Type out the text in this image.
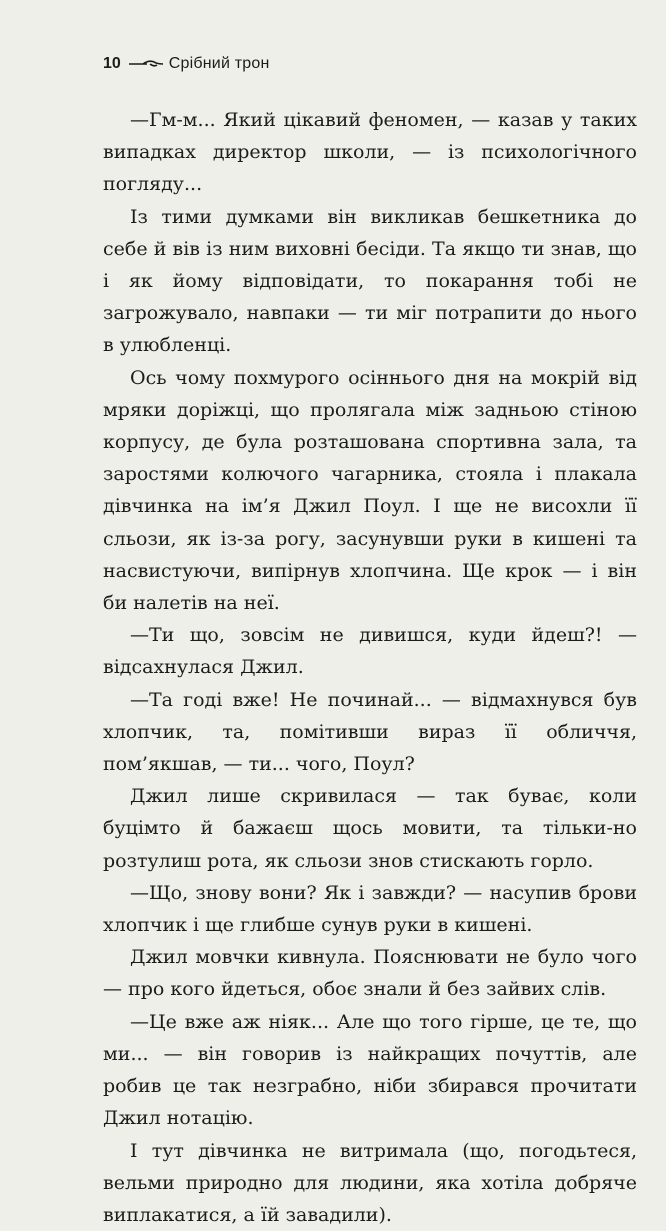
10	Срібний трон

—Гм-м... Який цікавий феномен, — казав у таких випадках директор школи, — із психологічного погляду...

Із тими думками він викликав бешкетника до себе й вів із ним виховні бесіди. Та якщо ти знав, що і як йому відповідати, то покарання тобі не загрожувало, навпаки — ти міг потрапити до нього в улюбленці.

Ось чому похмурого осіннього дня на мокрій від мряки доріжці, що пролягала між задньою стіною корпусу, де була розташована спортивна зала, та заростями колючого чагарника, стояла і плакала дівчинка на ім’я Джил Поул. І ще не висохли її сльози, як із-за рогу, засунувши руки в кишені та насвистуючи, випірнув хлопчина. Ще крок — і він би налетів на неї.

—Ти що, зовсім не дивишся, куди йдеш?! — відсахнулася Джил.

—Та годі вже! Не починай... — відмахнувся був хлопчик, та, помітивши вираз її обличчя, пом’якшав, — ти... чого, Поул?

Джил лише скривилася — так буває, коли буцімто й бажаєш щось мовити, та тільки-но розтулиш рота, як сльози знов стискають горло.

—Що, знову вони? Як і завжди? — насупив брови хлопчик і ще глибше сунув руки в кишені.

Джил мовчки кивнула. Пояснювати не було чого — про кого йдеться, обоє знали й без зайвих слів.

—Це вже аж ніяк... Але що того гірше, це те, що ми... — він говорив із найкращих почуттів, але робив це так незграбно, ніби збирався прочитати Джил нотацію.

І тут дівчинка не витримала (що, погодьтеся, вельми природно для людини, яка хотіла добряче виплакатися, а їй завадили).
